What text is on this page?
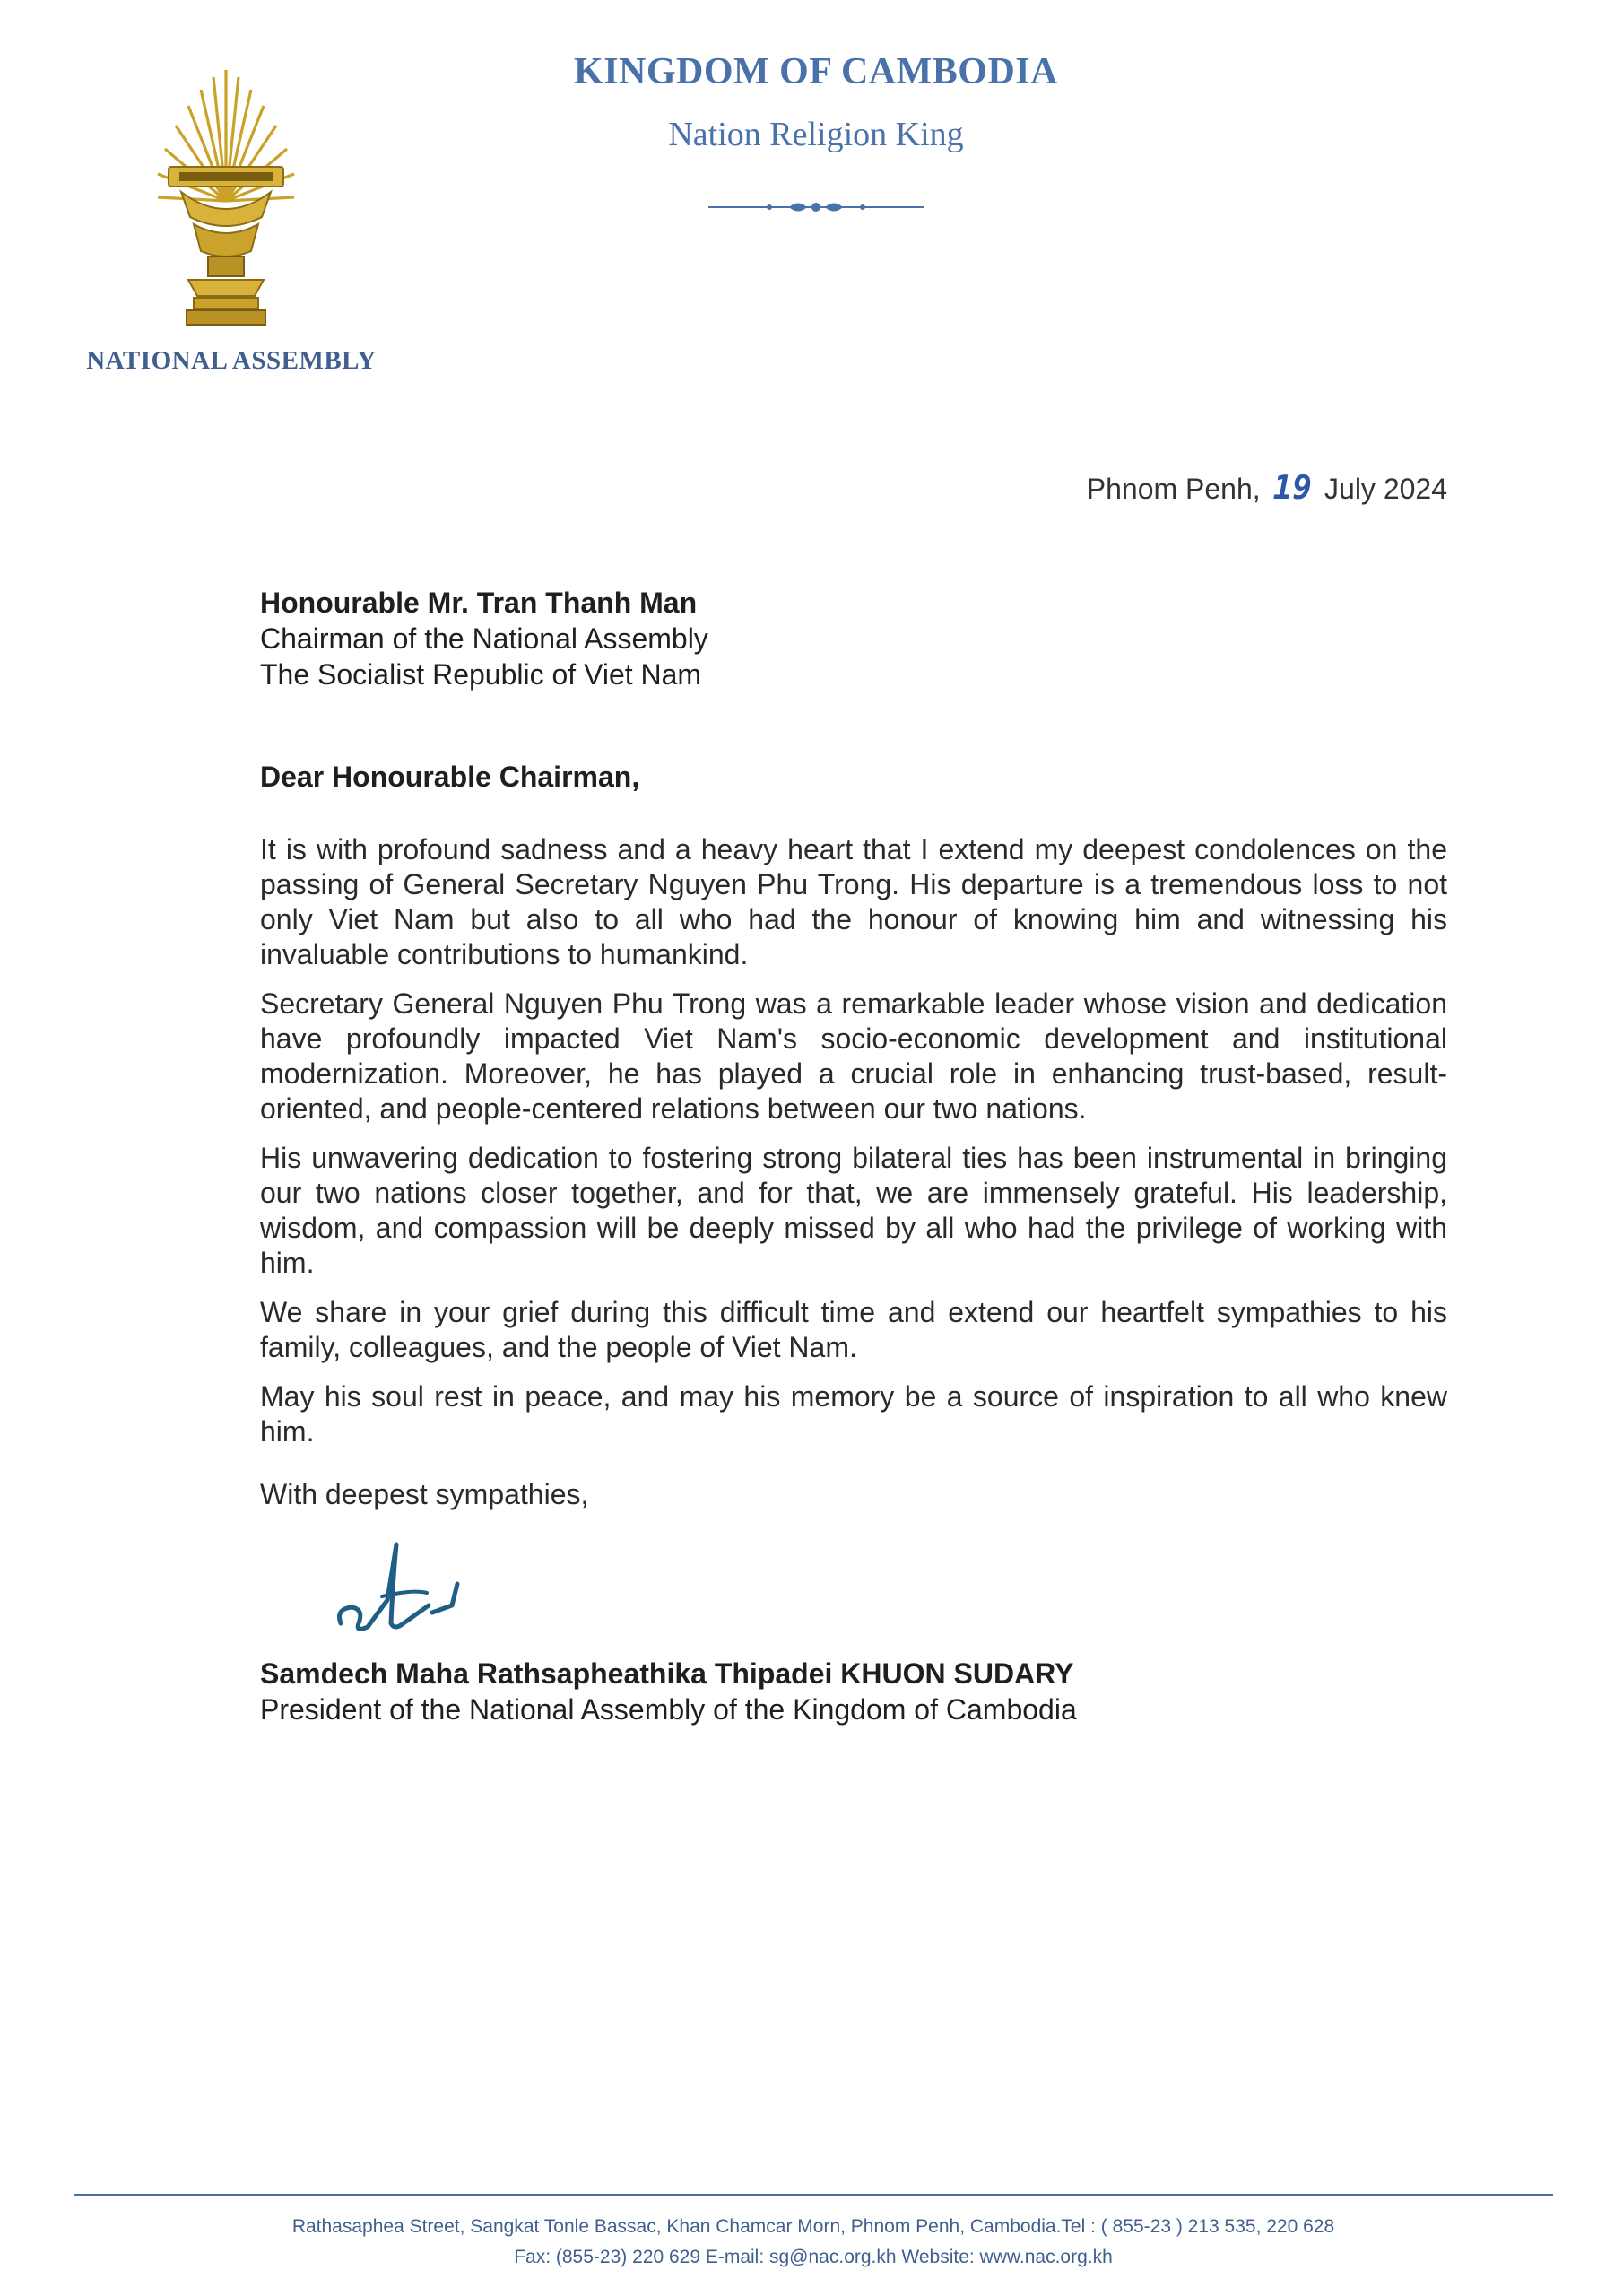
NATIONAL ASSEMBLY
KINGDOM OF CAMBODIA
Nation Religion King
Phnom Penh, 19 July 2024
Honourable Mr. Tran Thanh Man
Chairman of the National Assembly
The Socialist Republic of Viet Nam
Dear Honourable Chairman,

It is with profound sadness and a heavy heart that I extend my deepest condolences on the passing of General Secretary Nguyen Phu Trong. His departure is a tremendous loss to not only Viet Nam but also to all who had the honour of knowing him and witnessing his invaluable contributions to humankind.

Secretary General Nguyen Phu Trong was a remarkable leader whose vision and dedication have profoundly impacted Viet Nam's socio-economic development and institutional modernization. Moreover, he has played a crucial role in enhancing trust-based, result-oriented, and people-centered relations between our two nations.

His unwavering dedication to fostering strong bilateral ties has been instrumental in bringing our two nations closer together, and for that, we are immensely grateful. His leadership, wisdom, and compassion will be deeply missed by all who had the privilege of working with him.

We share in your grief during this difficult time and extend our heartfelt sympathies to his family, colleagues, and the people of Viet Nam.

May his soul rest in peace, and may his memory be a source of inspiration to all who knew him.

With deepest sympathies,
Samdech Maha Rathsapheathika Thipadei KHUON SUDARY
President of the National Assembly of the Kingdom of Cambodia
Rathasaphea Street, Sangkat Tonle Bassac, Khan Chamcar Morn, Phnom Penh, Cambodia.Tel : ( 855-23 ) 213 535, 220 628
Fax: (855-23) 220 629 E-mail: sg@nac.org.kh Website: www.nac.org.kh
